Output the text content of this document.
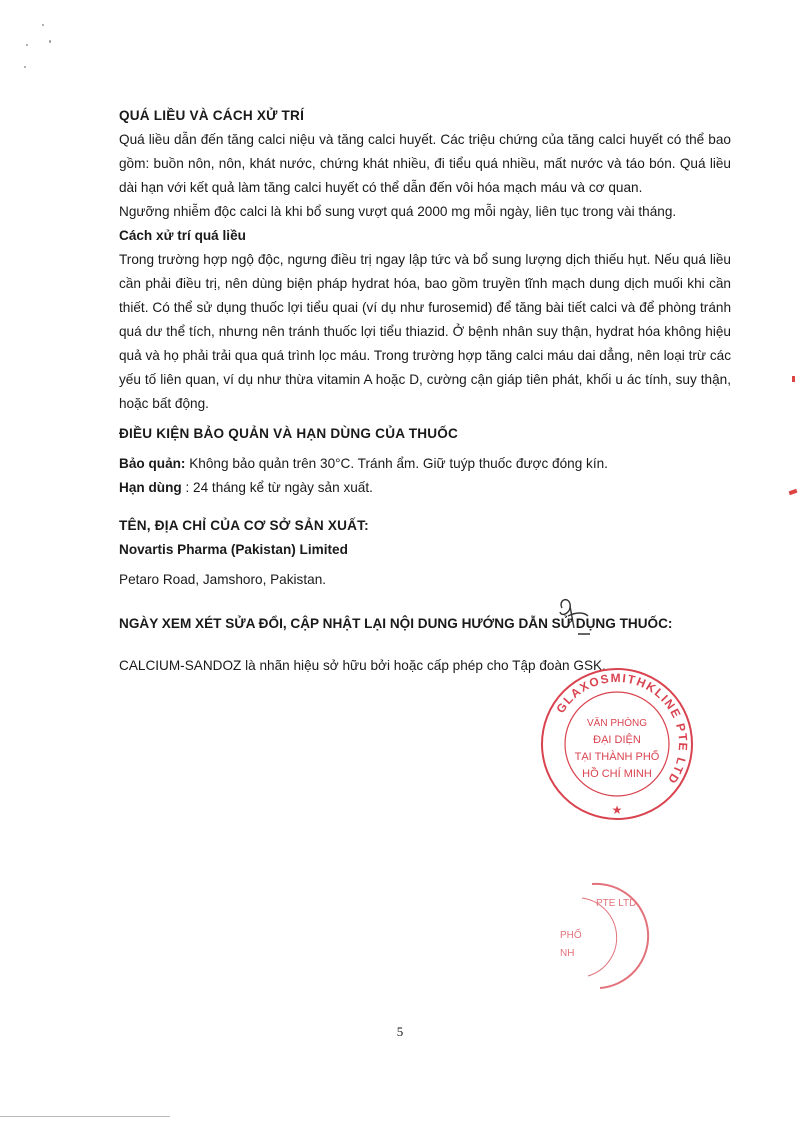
QUÁ LIỀU VÀ CÁCH XỬ TRÍ

Quá liều dẫn đến tăng calci niệu và tăng calci huyết. Các triệu chứng của tăng calci huyết có thể bao gồm: buồn nôn, nôn, khát nước, chứng khát nhiều, đi tiểu quá nhiều, mất nước và táo bón. Quá liều dài hạn với kết quả làm tăng calci huyết có thể dẫn đến vôi hóa mạch máu và cơ quan.

Ngưỡng nhiễm độc calci là khi bổ sung vượt quá 2000 mg mỗi ngày, liên tục trong vài tháng.

Cách xử trí quá liều

Trong trường hợp ngộ độc, ngưng điều trị ngay lập tức và bổ sung lượng dịch thiếu hụt. Nếu quá liều cần phải điều trị, nên dùng biện pháp hydrat hóa, bao gồm truyền tĩnh mạch dung dịch muối khi cần thiết. Có thể sử dụng thuốc lợi tiểu quai (ví dụ như furosemid) để tăng bài tiết calci và để phòng tránh quá dư thể tích, nhưng nên tránh thuốc lợi tiểu thiazid. Ở bệnh nhân suy thận, hydrat hóa không hiệu quả và họ phải trải qua quá trình lọc máu. Trong trường hợp tăng calci máu dai dẳng, nên loại trừ các yếu tố liên quan, ví dụ như thừa vitamin A hoặc D, cường cận giáp tiên phát, khối u ác tính, suy thận, hoặc bất động.

ĐIỀU KIỆN BẢO QUẢN VÀ HẠN DÙNG CỦA THUỐC

Bảo quản: Không bảo quản trên 30°C. Tránh ẩm. Giữ tuýp thuốc được đóng kín.

Hạn dùng : 24 tháng kể từ ngày sản xuất.

TÊN, ĐỊA CHỈ CỦA CƠ SỞ SẢN XUẤT:

Novartis Pharma (Pakistan) Limited

Petaro Road, Jamshoro, Pakistan.

NGÀY XEM XÉT SỬA ĐỔI, CẬP NHẬT LẠI NỘI DUNG HƯỚNG DẪN SỬ DỤNG THUỐC:

CALCIUM-SANDOZ là nhãn hiệu sở hữu bởi hoặc cấp phép cho Tập đoàn GSK.

GLAXOSMITHKLINE PTE LTD
VĂN PHÒNG
ĐẠI DIỆN
TẠI THÀNH PHỐ
HỒ CHÍ MINH
★
PTE LTD
PHỐ
NH
5
